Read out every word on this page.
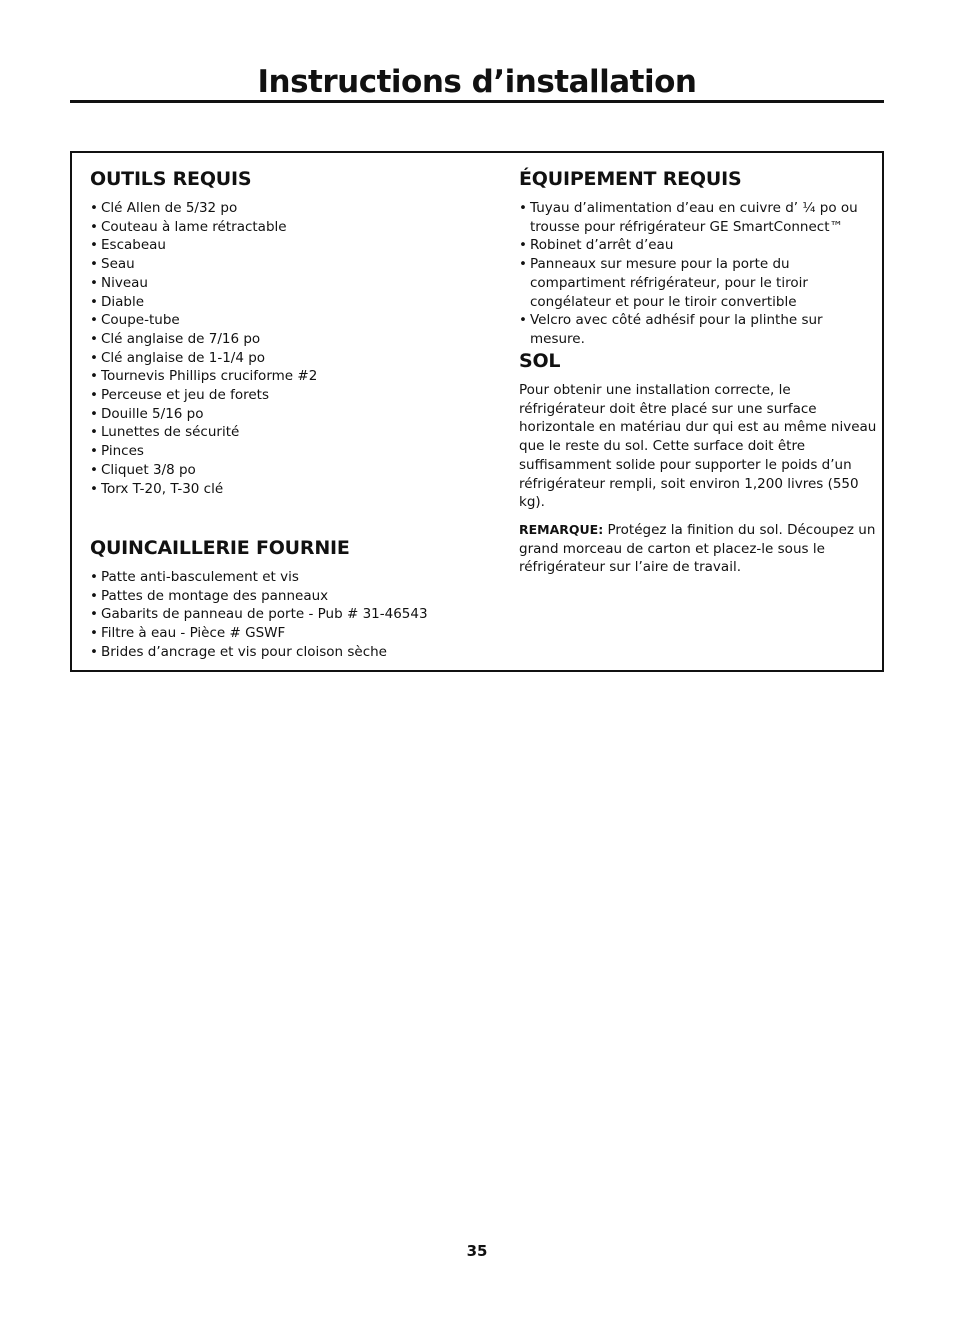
Instructions d’installation
OUTILS REQUIS
• Clé Allen de 5/32 po
• Couteau à lame rétractable
• Escabeau
• Seau
• Niveau
• Diable
• Coupe-tube
• Clé anglaise de 7/16 po
• Clé anglaise de 1-1/4 po
• Tournevis Phillips cruciforme #2
• Perceuse et jeu de forets
• Douille 5/16 po
• Lunettes de sécurité
• Pinces
• Cliquet 3/8 po
• Torx T-20, T-30 clé
QUINCAILLERIE FOURNIE
• Patte anti-basculement et vis
• Pattes de montage des panneaux
• Gabarits de panneau de porte - Pub # 31-46543
• Filtre à eau - Pièce # GSWF
• Brides d’ancrage et vis pour cloison sèche
ÉQUIPEMENT REQUIS
• Tuyau d’alimentation d’eau en cuivre d’ ¼ po ou trousse pour réfrigérateur GE SmartConnect™
• Robinet d’arrêt d’eau
• Panneaux sur mesure pour la porte du compartiment réfrigérateur, pour le tiroir congélateur et pour le tiroir convertible
• Velcro avec côté adhésif pour la plinthe sur mesure.
SOL

Pour obtenir une installation correcte, le réfrigérateur doit être placé sur une surface horizontale en matériau dur qui est au même niveau que le reste du sol. Cette surface doit être suffisamment solide pour supporter le poids d’un réfrigérateur rempli, soit environ 1,200 livres (550 kg).

REMARQUE: Protégez la finition du sol. Découpez un grand morceau de carton et placez-le sous le réfrigérateur sur l’aire de travail.

35
